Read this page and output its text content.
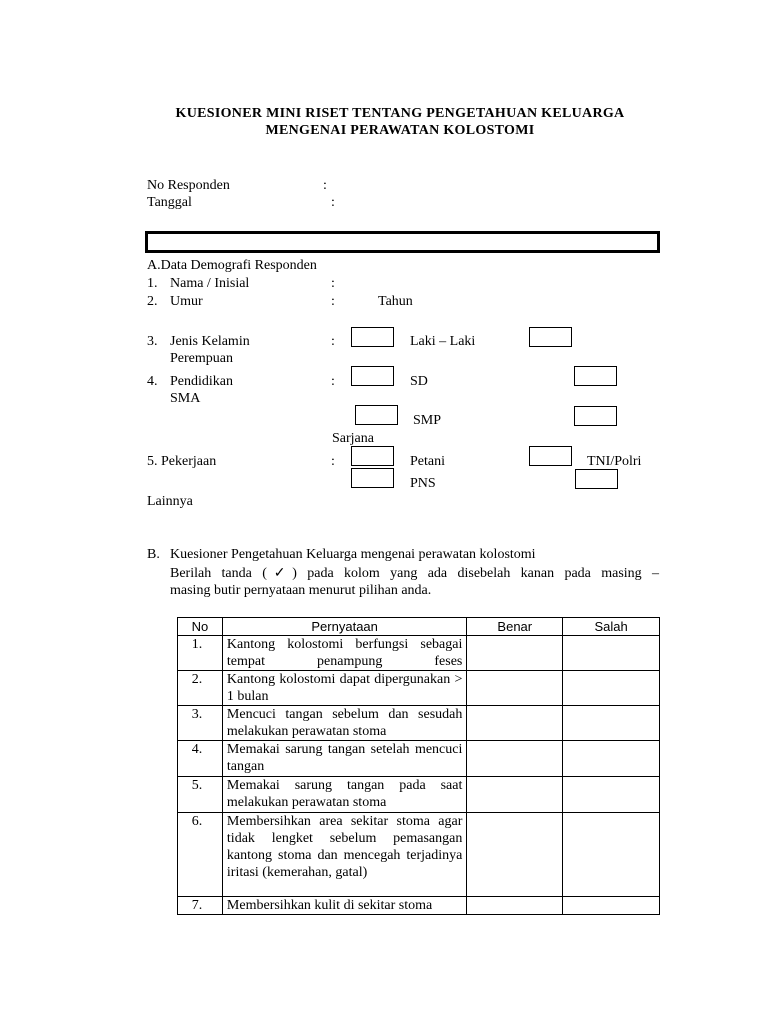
KUESIONER MINI RISET TENTANG PENGETAHUAN KELUARGA
MENGENAI PERAWATAN KOLOSTOMI
No Responden	:
Tanggal	:
A.Data Demografi Responden
1. Nama / Inisial	:
2. Umur	:	Tahun
3. Jenis Kelamin	:	Laki – Laki
Perempuan
4. Pendidikan	:	SD
SMA
SMP
Sarjana
5. Pekerjaan	:	Petani	TNI/Polri
PNS
Lainnya
B. Kuesioner Pengetahuan Keluarga mengenai perawatan kolostomi
Berilah tanda (✓) pada kolom yang ada disebelah kanan pada masing –
masing butir pernyataan menurut pilihan anda.
No	Pernyataan	Benar	Salah
1.	Kantong kolostomi berfungsi sebagai tempat penampung feses		

2.	Kantong kolostomi dapat dipergunakan > 1 bulan		
3.	Mencuci tangan sebelum dan sesudah melakukan perawatan stoma		
4.	Memakai sarung tangan setelah mencuci tangan		
5.	Memakai sarung tangan pada saat melakukan perawatan stoma		
6.	Membersihkan area sekitar stoma agar tidak lengket sebelum pemasangan kantong stoma dan mencegah terjadinya iritasi (kemerahan, gatal)		
7.	Membersihkan kulit di sekitar stoma		
